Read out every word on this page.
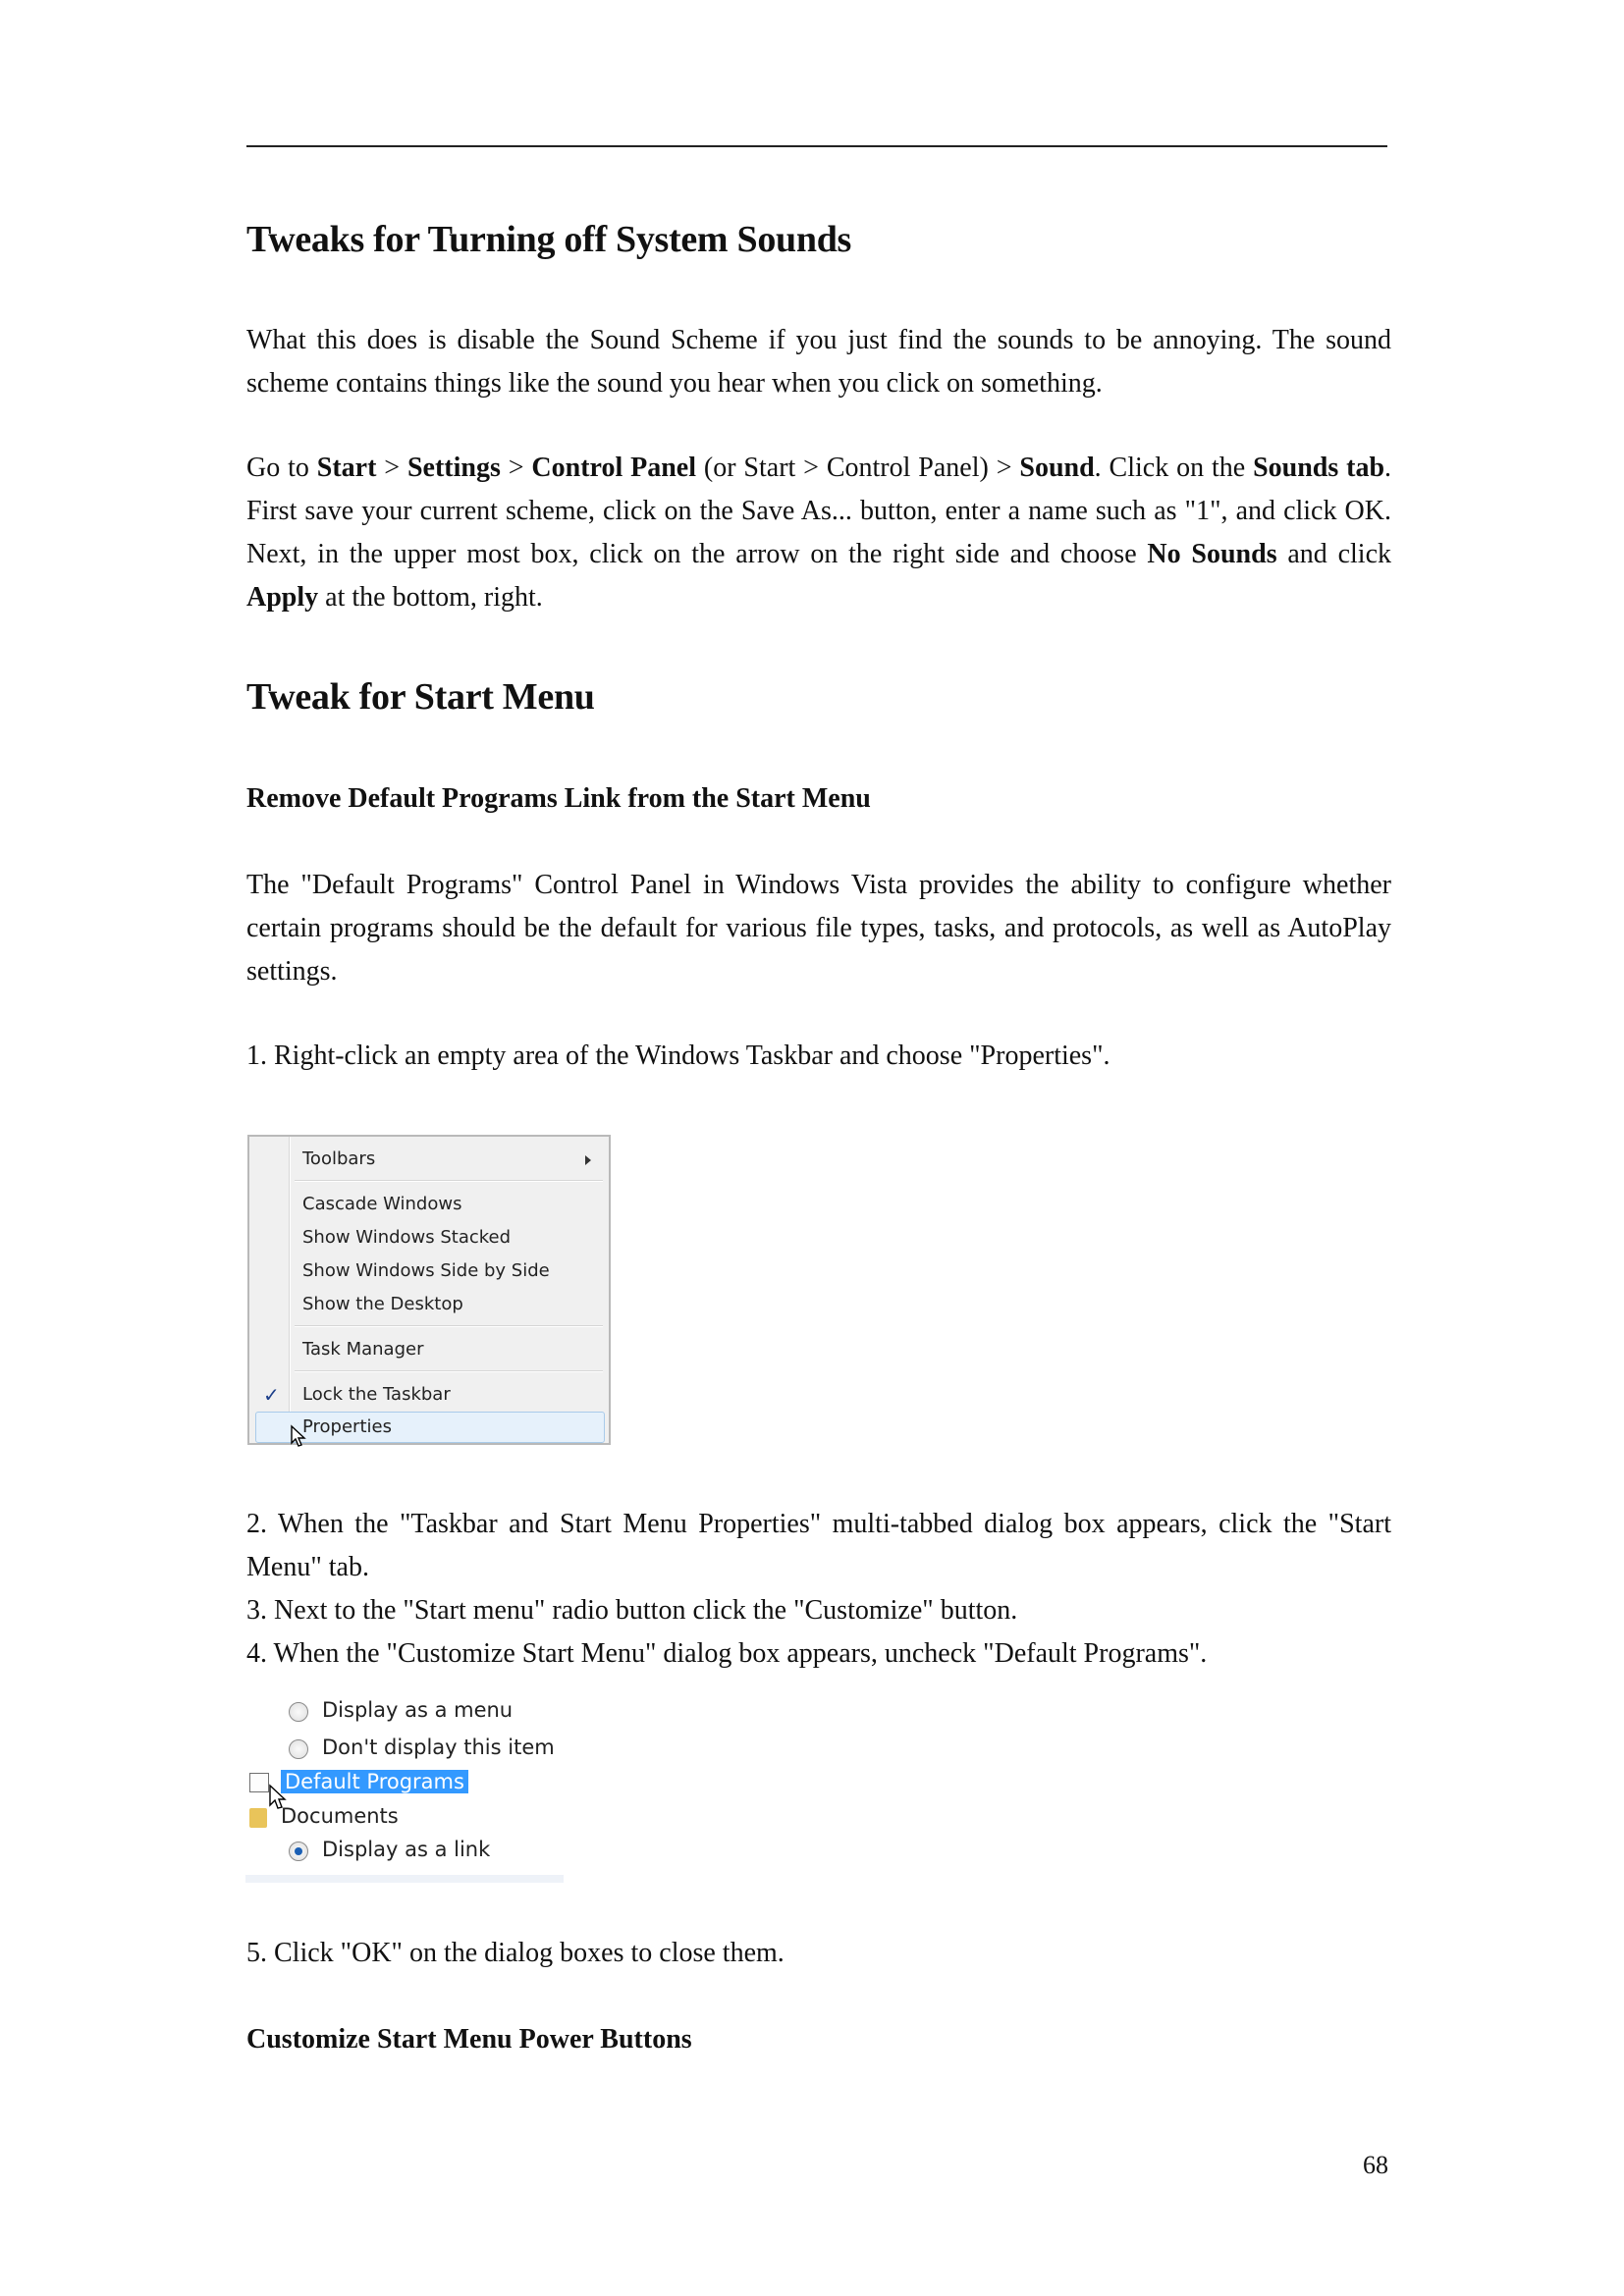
Tweaks for Turning off System Sounds

What this does is disable the Sound Scheme if you just find the sounds to be annoying. The sound scheme contains things like the sound you hear when you click on something.

Go to Start > Settings > Control Panel (or Start > Control Panel) > Sound. Click on the Sounds tab. First save your current scheme, click on the Save As... button, enter a name such as "1", and click OK. Next, in the upper most box, click on the arrow on the right side and choose No Sounds and click Apply at the bottom, right.

Tweak for Start Menu
Remove Default Programs Link from the Start Menu

The "Default Programs" Control Panel in Windows Vista provides the ability to configure whether certain programs should be the default for various file types, tasks, and protocols, as well as AutoPlay settings.

1. Right-click an empty area of the Windows Taskbar and choose "Properties".

Toolbars
Cascade Windows
Show Windows Stacked
Show Windows Side by Side
Show the Desktop
Task Manager
✓ Lock the Taskbar
Properties

2. When the "Taskbar and Start Menu Properties" multi-tabbed dialog box appears, click the "Start Menu" tab.

3. Next to the "Start menu" radio button click the "Customize" button.

4. When the "Customize Start Menu" dialog box appears, uncheck "Default Programs".

Display as a menu
Don't display this item
Default Programs
Documents
Display as a link

5. Click "OK" on the dialog boxes to close them.

Customize Start Menu Power Buttons
68
